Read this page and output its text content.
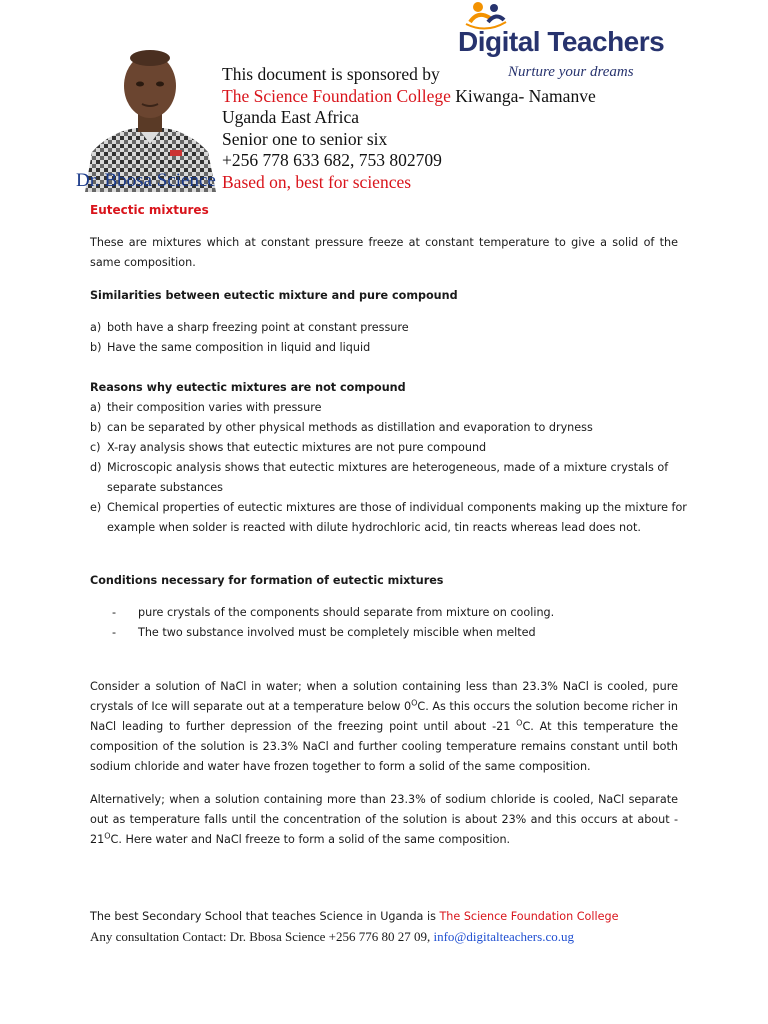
Dr. Bbosa Science
This document is sponsored by
The Science Foundation College Kiwanga- Namanve
Uganda East Africa
Senior one to senior six
+256 778 633 682, 753 802709
Based on, best for sciences
Digital Teachers
Nurture your dreams
Eutectic mixtures
These are mixtures which at constant pressure freeze at constant temperature to give a solid of the same composition.
Similarities between eutectic mixture and pure compound
a) both have a sharp freezing point at constant pressure
b) Have the same composition in liquid and liquid
Reasons why eutectic mixtures are not compound
a) their composition varies with pressure
b) can be separated by other physical methods as distillation and evaporation to dryness
c) X-ray analysis shows that eutectic mixtures are not pure compound
d) Microscopic analysis shows that eutectic mixtures are heterogeneous, made of a mixture crystals of separate substances
e) Chemical properties of eutectic mixtures are those of individual components making up the mixture for example when solder is reacted with dilute hydrochloric acid, tin reacts whereas lead does not.
Conditions necessary for formation of eutectic mixtures
- pure crystals of the components should separate from mixture on cooling.
- The two substance involved must be completely miscible when melted
Consider a solution of NaCl in water; when a solution containing less than 23.3% NaCl is cooled, pure crystals of Ice will separate out at a temperature below $0^OC$. As this occurs the solution become richer in NaCl leading to further depression of the freezing point until about -21 $^O$C. At this temperature the composition of the solution is 23.3% NaCl and further cooling temperature remains constant until both sodium chloride and water have frozen together to form a solid of the same composition.
Alternatively; when a solution containing more than 23.3% of sodium chloride is cooled, NaCl separate out as temperature falls until the concentration of the solution is about 23% and this occurs at about - $21^OC$. Here water and NaCl freeze to form a solid of the same composition.
The best Secondary School that teaches Science in Uganda is The Science Foundation College
Any consultation Contact: Dr. Bbosa Science +256 776 80 27 09, info@digitalteachers.co.ug
